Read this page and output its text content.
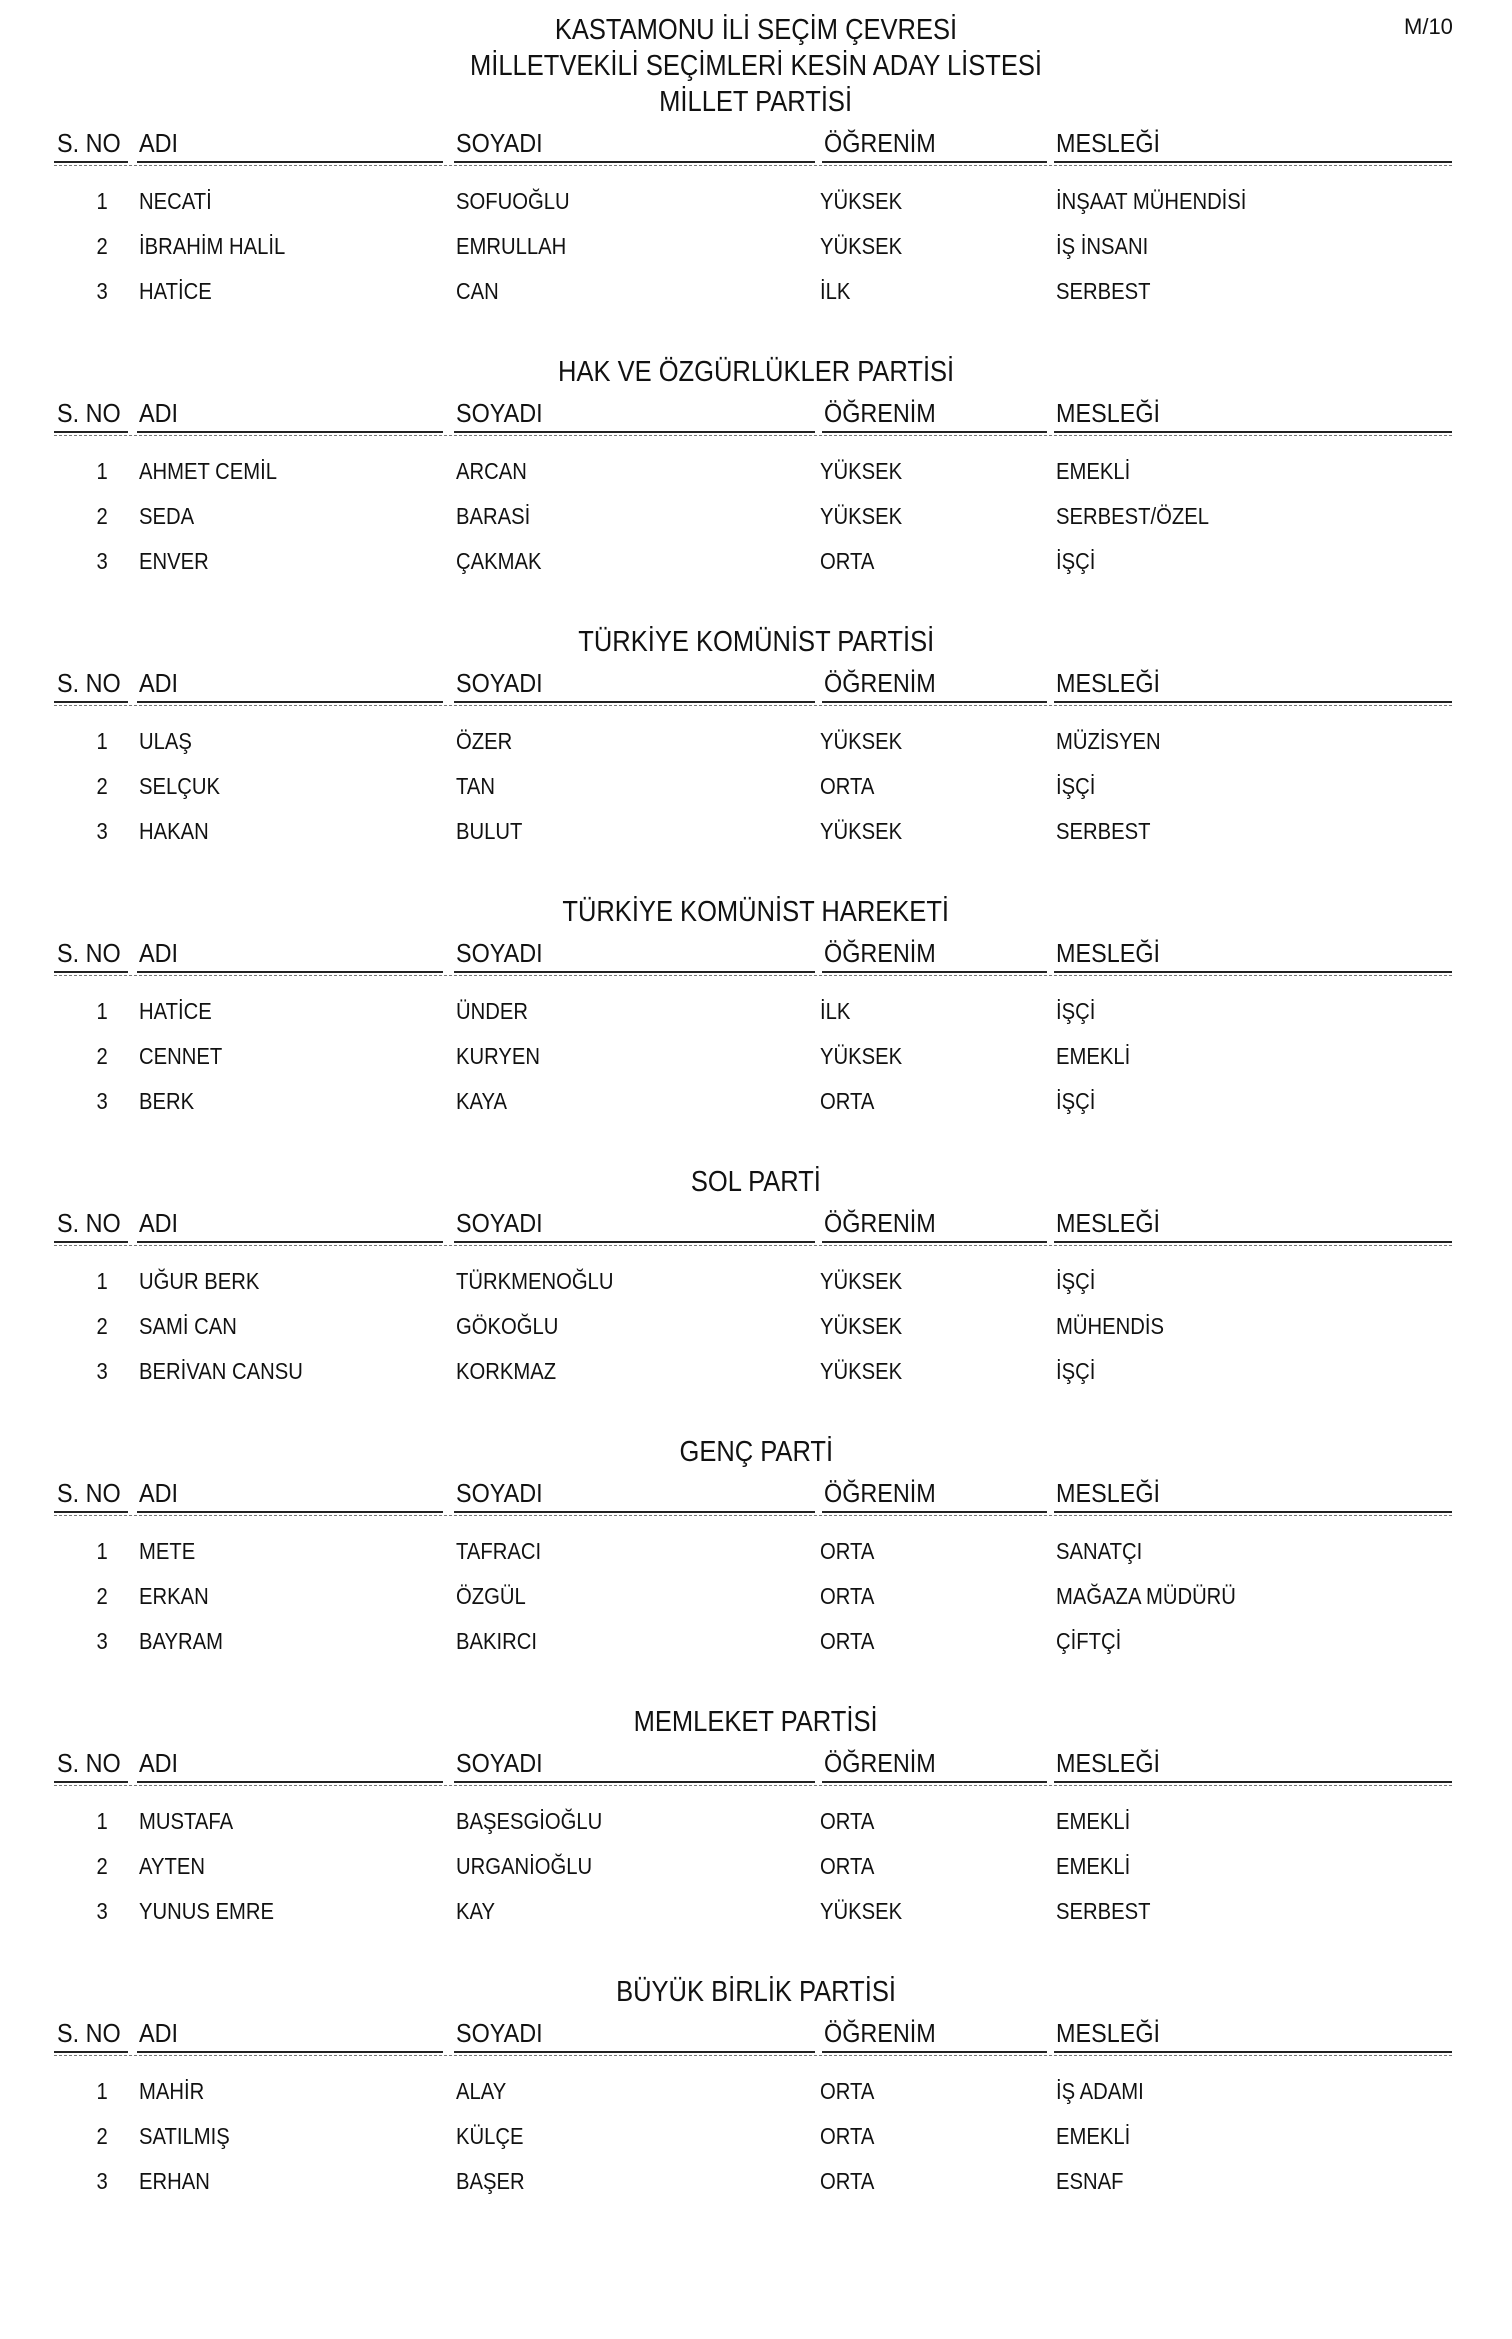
M/10
KASTAMONU İLİ SEÇİM ÇEVRESİ
MİLLETVEKİLİ SEÇİMLERİ KESİN ADAY LİSTESİ
MİLLET PARTİSİ
S. NO ADI	SOYADI	ÖĞRENİM	MESLEĞİ
1 NECATİ	SOFUOĞLU	YÜKSEK	İNŞAAT MÜHENDİSİ
2 İBRAHİM HALİL	EMRULLAH	YÜKSEK	İŞ İNSANI
3 HATİCE	CAN	İLK	SERBEST
HAK VE ÖZGÜRLÜKLER PARTİSİ
S. NO ADI	SOYADI	ÖĞRENİM	MESLEĞİ
1 AHMET CEMİL	ARCAN	YÜKSEK	EMEKLİ
2 SEDA	BARASİ	YÜKSEK	SERBEST/ÖZEL
3 ENVER	ÇAKMAK	ORTA	İŞÇİ
TÜRKİYE KOMÜNİST PARTİSİ
S. NO ADI	SOYADI	ÖĞRENİM	MESLEĞİ
1 ULAŞ	ÖZER	YÜKSEK	MÜZİSYEN
2 SELÇUK	TAN	ORTA	İŞÇİ
3 HAKAN	BULUT	YÜKSEK	SERBEST
TÜRKİYE KOMÜNİST HAREKETİ
S. NO ADI	SOYADI	ÖĞRENİM	MESLEĞİ
1 HATİCE	ÜNDER	İLK	İŞÇİ
2 CENNET	KURYEN	YÜKSEK	EMEKLİ
3 BERK	KAYA	ORTA	İŞÇİ
SOL PARTİ
S. NO ADI	SOYADI	ÖĞRENİM	MESLEĞİ
1 UĞUR BERK	TÜRKMENOĞLU	YÜKSEK	İŞÇİ
2 SAMİ CAN	GÖKOĞLU	YÜKSEK	MÜHENDİS
3 BERİVAN CANSU	KORKMAZ	YÜKSEK	İŞÇİ
GENÇ PARTİ
S. NO ADI	SOYADI	ÖĞRENİM	MESLEĞİ
1 METE	TAFRACI	ORTA	SANATÇI
2 ERKAN	ÖZGÜL	ORTA	MAĞAZA MÜDÜRÜ
3 BAYRAM	BAKIRCI	ORTA	ÇİFTÇİ
MEMLEKET PARTİSİ
S. NO ADI	SOYADI	ÖĞRENİM	MESLEĞİ
1 MUSTAFA	BAŞESGİOĞLU	ORTA	EMEKLİ
2 AYTEN	URGANİOĞLU	ORTA	EMEKLİ
3 YUNUS EMRE	KAY	YÜKSEK	SERBEST
BÜYÜK BİRLİK PARTİSİ
S. NO ADI	SOYADI	ÖĞRENİM	MESLEĞİ
1 MAHİR	ALAY	ORTA	İŞ ADAMI
2 SATILMIŞ	KÜLÇE	ORTA	EMEKLİ
3 ERHAN	BAŞER	ORTA	ESNAF
